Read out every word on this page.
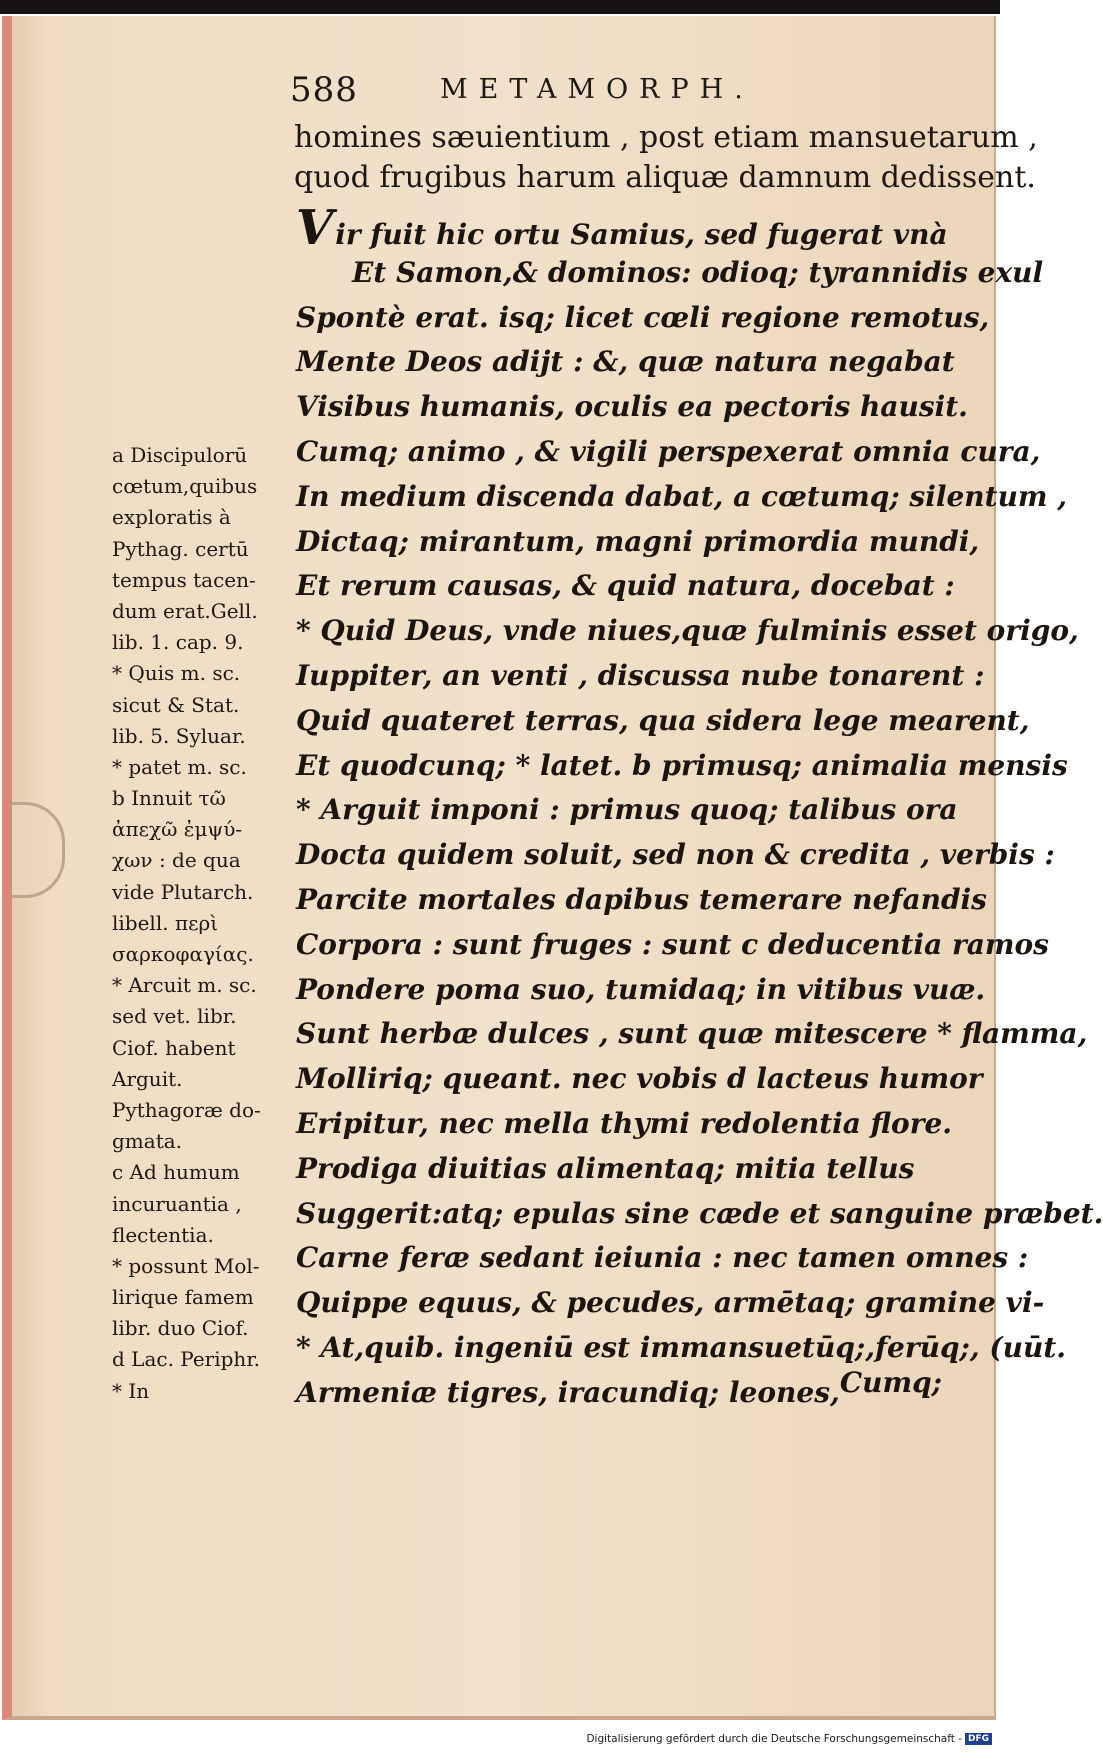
588	METAMORPH.
homines sæuientium , post etiam mansuetarum ,
quod frugibus harum aliquæ damnum dedissent.
Vir fuit hic ortu Samius, sed fugerat vnà
Et Samon,& dominos: odioq; tyrannidis exul
Spontè erat. isq; licet cœli regione remotus,
Mente Deos adijt : &, quæ natura negabat
Visibus humanis, oculis ea pectoris hausit.
Cumq; animo , & vigili perspexerat omnia cura,
In medium discenda dabat, a cœtumq; silentum ,
Dictaq; mirantum, magni primordia mundi,
Et rerum causas, & quid natura, docebat :
* Quid Deus, vnde niues,quæ fulminis esset origo,
Iuppiter, an venti , discussa nube tonarent :
Quid quateret terras, qua sidera lege mearent,
Et quodcunq; * latet. b primusq; animalia mensis
* Arguit imponi : primus quoq; talibus ora
Docta quidem soluit, sed non & credita , verbis :
Parcite mortales dapibus temerare nefandis
Corpora : sunt fruges : sunt c deducentia ramos
Pondere poma suo, tumidaq; in vitibus vuæ.
Sunt herbæ dulces , sunt quæ mitescere * flamma,
Molliriq; queant. nec vobis d lacteus humor
Eripitur, nec mella thymi redolentia flore.
Prodiga diuitias alimentaq; mitia tellus
Suggerit:atq; epulas sine cæde et sanguine præbet.
Carne feræ sedant ieiunia : nec tamen omnes :
Quippe equus, & pecudes, armētaq; gramine vi-
* At,quib. ingeniū est immansuetūq;,ferūq;, (uūt.
Armeniæ tigres, iracundiq; leones, Cumq;
a Discipulorū
cœtum,quibus
exploratis à
Pythag. certū
tempus tacen-
dum erat.Gell.
lib. 1. cap. 9.
* Quis m. sc.
sicut & Stat.
lib. 5. Syluar.
* patet m. sc.
b Innuit τῶ
ἀπεχῶ ἐμψύ-
χων : de qua
vide Plutarch.
libell. περὶ
σαρκοφαγίας.
* Arcuit m. sc.
sed vet. libr.
Ciof. habent
Arguit.
Pythagoræ do-
gmata.
c Ad humum
incuruantia ,
flectentia.
* possunt Mol-
lirique famem
libr. duo Ciof.
d Lac. Periphr.
* In
Digitalisierung gefördert durch die Deutsche Forschungsgemeinschaft - DFG
